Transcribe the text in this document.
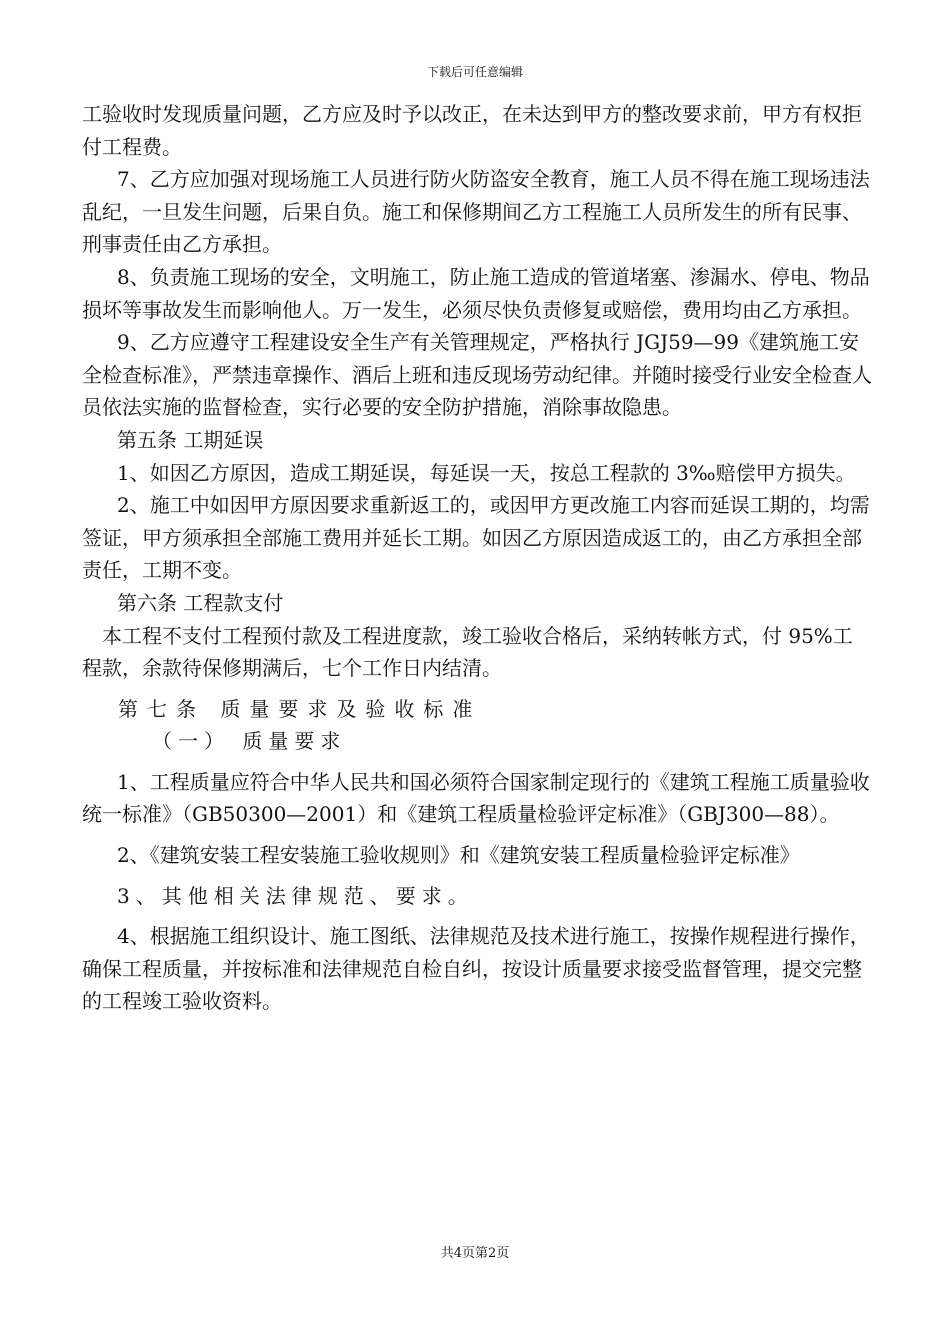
下载后可任意编辑

工验收时发现质量问题，乙方应及时予以改正，在未达到甲方的整改要求前，甲方有权拒付工程费。

7、乙方应加强对现场施工人员进行防火防盗安全教育，施工人员不得在施工现场违法乱纪，一旦发生问题，后果自负。施工和保修期间乙方工程施工人员所发生的所有民事、刑事责任由乙方承担。

8、负责施工现场的安全，文明施工，防止施工造成的管道堵塞、渗漏水、停电、物品损坏等事故发生而影响他人。万一发生，必须尽快负责修复或赔偿，费用均由乙方承担。

9、乙方应遵守工程建设安全生产有关管理规定，严格执行 JGJ59—99《建筑施工安全检查标准》，严禁违章操作、酒后上班和违反现场劳动纪律。并随时接受行业安全检查人员依法实施的监督检查，实行必要的安全防护措施，消除事故隐患。

第五条 工期延误

1、如因乙方原因，造成工期延误，每延误一天，按总工程款的 3‰赔偿甲方损失。

2、施工中如因甲方原因要求重新返工的，或因甲方更改施工内容而延误工期的，均需签证，甲方须承担全部施工费用并延长工期。如因乙方原因造成返工的，由乙方承担全部责任，工期不变。

第六条 工程款支付

本工程不支付工程预付款及工程进度款，竣工验收合格后，采纳转帐方式，付 95%工程款，余款待保修期满后，七个工作日内结清。

第七条 质量要求及验收标准

（一） 质量要求

1、工程质量应符合中华人民共和国必须符合国家制定现行的《建筑工程施工质量验收统一标准》（GB50300—2001）和《建筑工程质量检验评定标准》（GBJ300—88）。

2、《建筑安装工程安装施工验收规则》和《建筑安装工程质量检验评定标准》

3、其他相关法律规范、要求。

4、根据施工组织设计、施工图纸、法律规范及技术进行施工，按操作规程进行操作，确保工程质量，并按标准和法律规范自检自纠，按设计质量要求接受监督管理，提交完整的工程竣工验收资料。

共4页第2页
